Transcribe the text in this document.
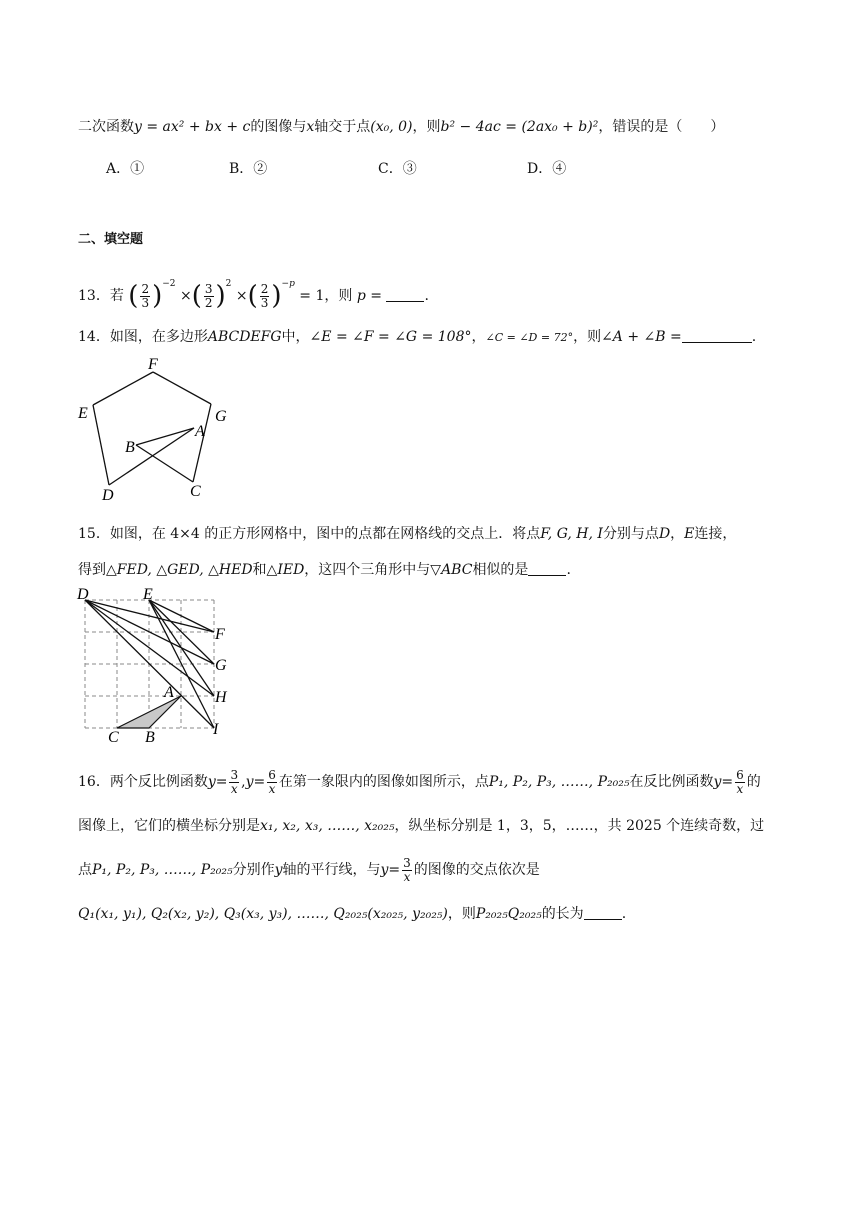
二次函数y = ax² + bx + c的图像与x轴交于点(x₀, 0)，则b² − 4ac = (2ax₀ + b)²，错误的是（　　）
A．①	B．②	C．③	D．④
二、填空题
13．若 ( $\frac{2}{3} )^{-2}$ ×( $\frac{3}{2} )^2$ ×( $\frac{2}{3} )^{-p} = 1$，则 p =	.
14．如图，在多边形ABCDEFG中，∠E = ∠F = ∠G = 108°，∠C = ∠D = 72°，则∠A + ∠B =	.
F
E	G
A
B
D	C
15．如图，在 4×4 的正方形网格中，图中的点都在网格线的交点上．将点F, G, H, I分别与点D，E连接，
得到△FED, △GED, △HED和△IED，这四个三角形中与▽ABC相似的是	.
D	E
F
G
H
A
I
C B
16．两个反比例函数$y= \frac{3}{x} ,y= \frac{6}{x}$ 在第一象限内的图像如图所示，点P₁, P₂, P₃, ……, P₂₀₂₅在反比例函数$y= \frac{6}{x}$ 的
图像上，它们的横坐标分别是x₁, x₂, x₃, ……, x₂₀₂₅，纵坐标分别是 1，3，5，……，共 2025 个连续奇数，过
点P₁, P₂, P₃, ……, P₂₀₂₅分别作y轴的平行线，与$y= \frac{3}{x}$ 的图像的交点依次是
Q₁(x₁, y₁), Q₂(x₂, y₂), Q₃(x₃, y₃), ……, Q₂₀₂₅(x₂₀₂₅, y₂₀₂₅)，则P₂₀₂₅Q₂₀₂₅的长为	.
